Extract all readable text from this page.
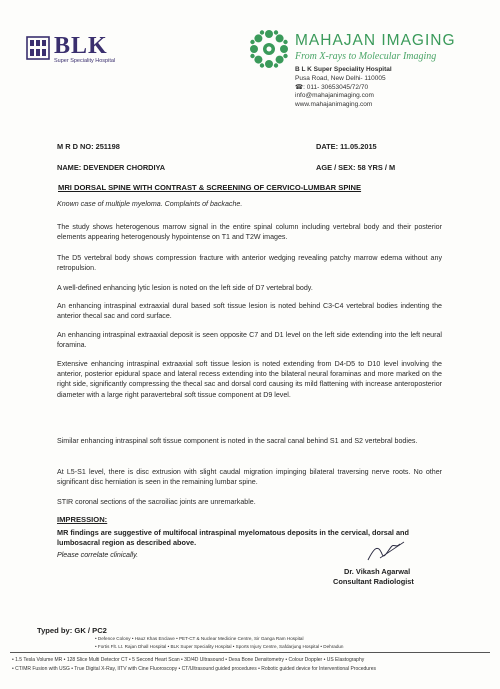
BLK
Super Speciality Hospital
MAHAJAN IMAGING
From X-rays to Molecular Imaging
B L K Super Speciality Hospital
Pusa Road, New Delhi- 110005
☎: 011- 30653045/72/70
info@mahajanimaging.com
www.mahajanimaging.com
M R D NO: 251198	DATE: 11.05.2015
NAME: DEVENDER CHORDIYA	AGE / SEX: 58 YRS / M
MRI DORSAL SPINE WITH CONTRAST & SCREENING OF CERVICO-LUMBAR SPINE

Known case of multiple myeloma. Complaints of backache.

The study shows heterogenous marrow signal in the entire spinal column including vertebral body and their posterior elements appearing heterogenously hypointense on T1 and T2W images.

The D5 vertebral body shows compression fracture with anterior wedging revealing patchy marrow edema without any retropulsion.

A well-defined enhancing lytic lesion is noted on the left side of D7 vertebral body.

An enhancing intraspinal extraaxial dural based soft tissue lesion is noted behind C3-C4 vertebral bodies indenting the anterior thecal sac and cord surface.

An enhancing intraspinal extraaxial deposit is seen opposite C7 and D1 level on the left side extending into the left neural foramina.

Extensive enhancing intraspinal extraaxial soft tissue lesion is noted extending from D4-D5 to D10 level involving the anterior, posterior epidural space and lateral recess extending into the bilateral neural foraminas and more marked on the right side, significantly compressing the thecal sac and dorsal cord causing its mild flattening with increase anteroposterior diameter with a large right paravertebral soft tissue component at D9 level.

Similar enhancing intraspinal soft tissue component is noted in the sacral canal behind S1 and S2 vertebral bodies.

At L5-S1 level, there is disc extrusion with slight caudal migration impinging bilateral traversing nerve roots. No other significant disc herniation is seen in the remaining lumbar spine.

STIR coronal sections of the sacroiliac joints are unremarkable.

IMPRESSION:

MR findings are suggestive of multifocal intraspinal myelomatous deposits in the cervical, dorsal and lumbosacral region as described above.

Please correlate clinically.
Dr. Vikash Agarwal
Consultant Radiologist
Typed by: GK / PC2
• Defence Colony • Hauz Khas Enclave • PET-CT & Nuclear Medicine Centre, Sir Ganga Ram Hospital
• Fortis Flt. Lt. Rajan Dhall Hospital • BLK Super Speciality Hospital • Sports Injury Centre, Safdarjung Hospital • Dehradun
• 1.5 Tesla Volume MR • 128 Slice Multi Detector CT • 5 Second Heart Scan • 3D/4D Ultrasound • Dexa Bone Densitometry • Colour Doppler • US Elastography
• CT/MR Fusion with USG • True Digital X-Ray, IITV with Cine Fluoroscopy • CT/Ultrasound guided procedures • Robotic guided device for Interventional Procedures
